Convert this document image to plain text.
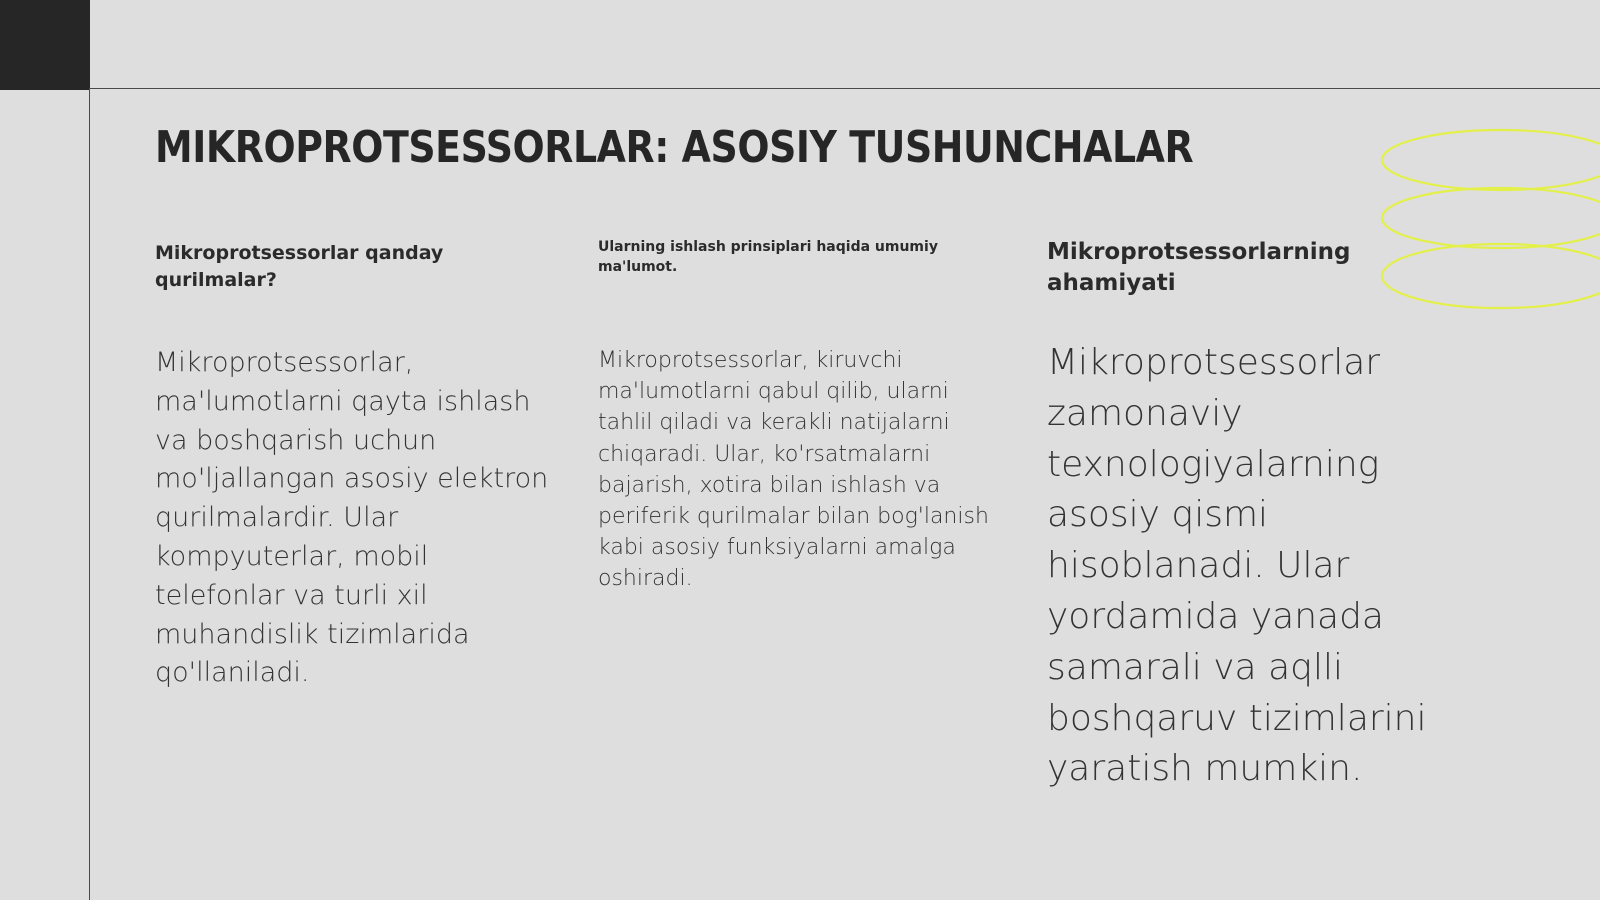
MIKROPROTSESSORLAR: ASOSIY TUSHUNCHALAR
Mikroprotsessorlar qanday qurilmalar?

Mikroprotsessorlar, ma'lumotlarni qayta ishlash va boshqarish uchun mo'ljallangan asosiy elektron qurilmalardir. Ular kompyuterlar, mobil telefonlar va turli xil muhandislik tizimlarida qo'llaniladi.

Ularning ishlash prinsiplari haqida umumiy ma'lumot.

Mikroprotsessorlar, kiruvchi ma'lumotlarni qabul qilib, ularni tahlil qiladi va kerakli natijalarni chiqaradi. Ular, ko'rsatmalarni bajarish, xotira bilan ishlash va periferik qurilmalar bilan bog'lanish kabi asosiy funksiyalarni amalga oshiradi.

Mikroprotsessorlarning ahamiyati

Mikroprotsessorlar zamonaviy texnologiyalarning asosiy qismi hisoblanadi. Ular yordamida yanada samarali va aqlli boshqaruv tizimlarini yaratish mumkin.
